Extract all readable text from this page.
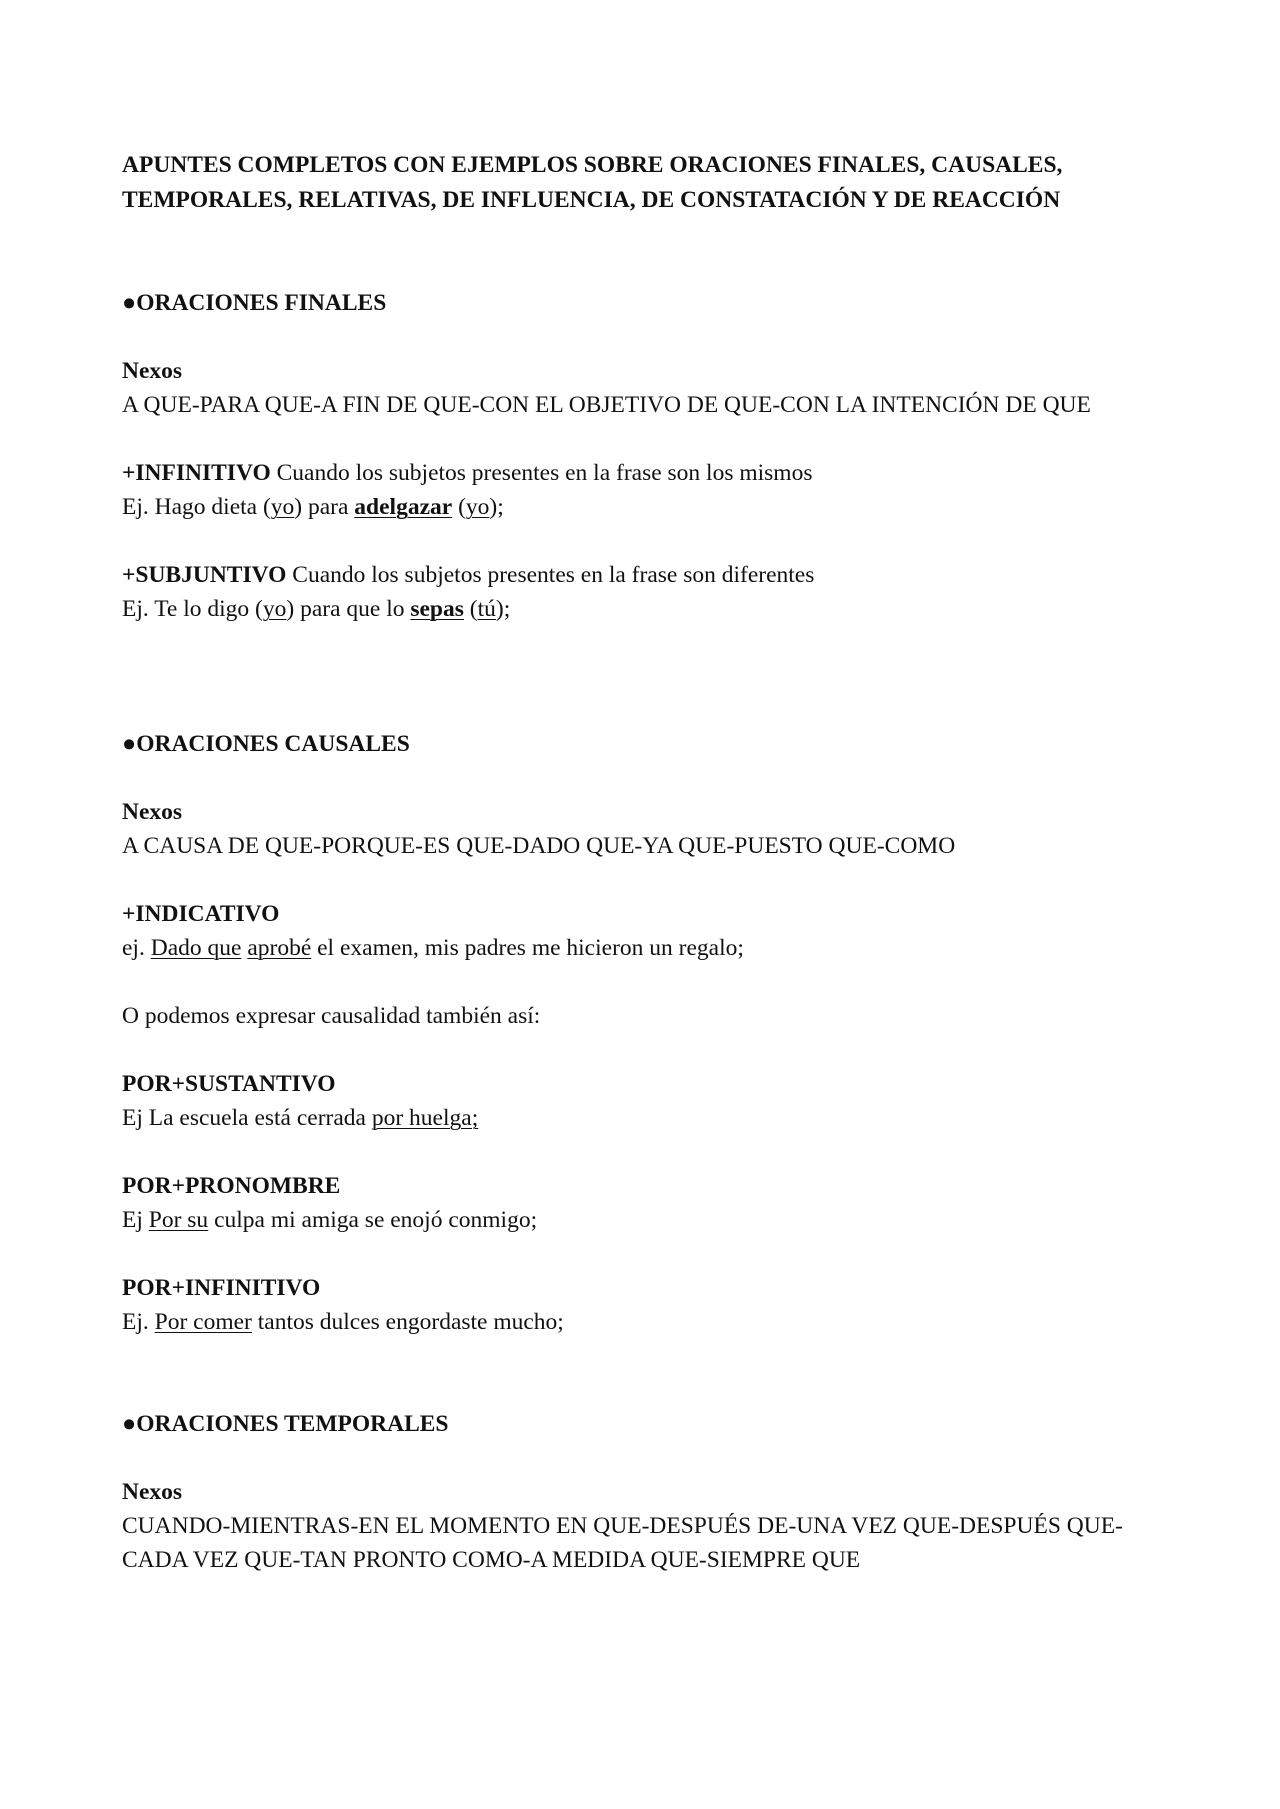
APUNTES COMPLETOS CON EJEMPLOS SOBRE ORACIONES FINALES, CAUSALES, TEMPORALES, RELATIVAS, DE INFLUENCIA, DE CONSTATACIÓN Y DE REACCIÓN

●ORACIONES FINALES

Nexos

A QUE-PARA QUE-A FIN DE QUE-CON EL OBJETIVO DE QUE-CON LA INTENCIÓN DE QUE

+INFINITIVO Cuando los subjetos presentes en la frase son los mismos

Ej. Hago dieta (yo) para adelgazar (yo);

+SUBJUNTIVO Cuando los subjetos presentes en la frase son diferentes

Ej. Te lo digo (yo) para que lo sepas (tú);

●ORACIONES CAUSALES

Nexos

A CAUSA DE QUE-PORQUE-ES QUE-DADO QUE-YA QUE-PUESTO QUE-COMO

+INDICATIVO

ej. Dado que aprobé el examen, mis padres me hicieron un regalo;

O podemos expresar causalidad también así:

POR+SUSTANTIVO

Ej La escuela está cerrada por huelga;

POR+PRONOMBRE

Ej Por su culpa mi amiga se enojó conmigo;

POR+INFINITIVO

Ej. Por comer tantos dulces engordaste mucho;

●ORACIONES TEMPORALES

Nexos

CUANDO-MIENTRAS-EN EL MOMENTO EN QUE-DESPUÉS DE-UNA VEZ QUE-DESPUÉS QUE-CADA VEZ QUE-TAN PRONTO COMO-A MEDIDA QUE-SIEMPRE QUE
